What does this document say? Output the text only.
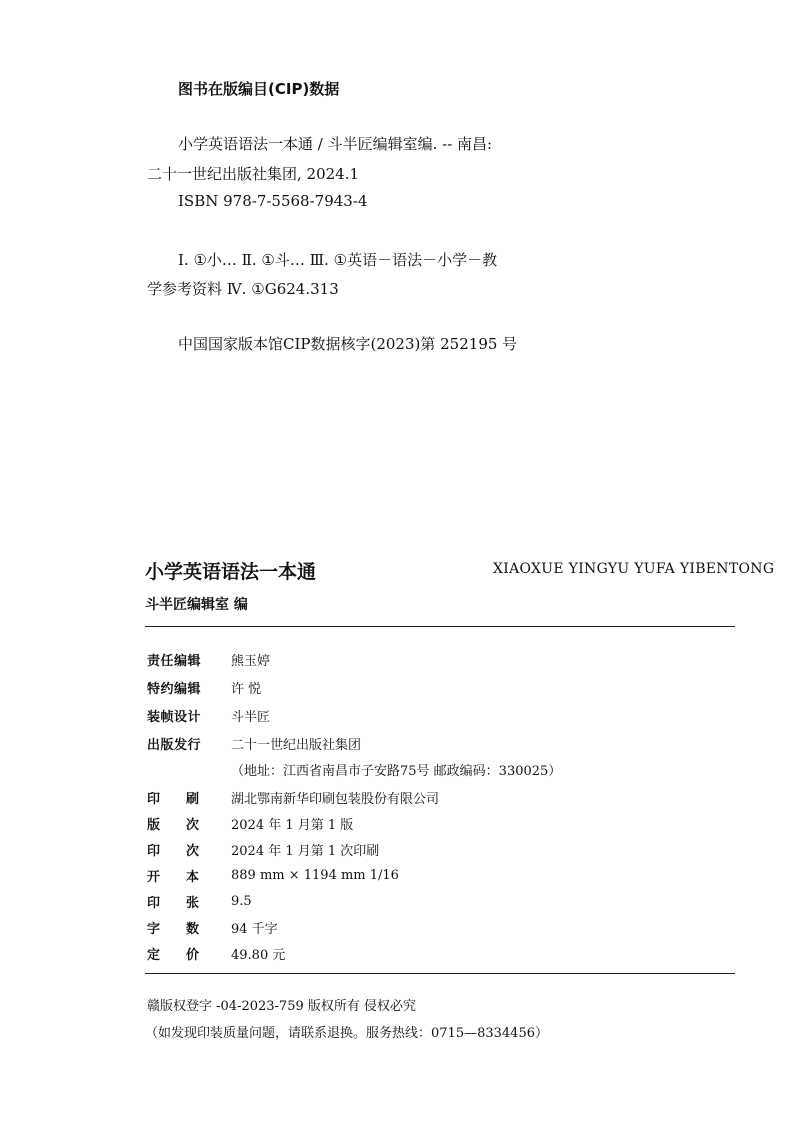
图书在版编目(CIP)数据
小学英语语法一本通 / 斗半匠编辑室编. -- 南昌:
二十一世纪出版社集团, 2024.1
ISBN 978-7-5568-7943-4
Ⅰ. ①小… Ⅱ. ①斗… Ⅲ. ①英语－语法－小学－教
学参考资料 Ⅳ. ①G624.313
中国国家版本馆CIP数据核字(2023)第 252195 号
小学英语语法一本通	XIAOXUE YINGYU YUFA YIBENTONG
斗半匠编辑室 编
责任编辑	熊玉婷
特约编辑	许 悦
装帧设计	斗半匠
出版发行	二十一世纪出版社集团
（地址：江西省南昌市子安路75号 邮政编码：330025）
印刷 湖北鄂南新华印刷包装股份有限公司
版次 2024 年 1 月第 1 版
印次 2024 年 1 月第 1 次印刷
开本 889 mm × 1194 mm 1/16
印张 9.5
字数 94 千字
定价 49.80 元
赣版权登字 -04-2023-759 版权所有 侵权必究
（如发现印装质量问题，请联系退换。服务热线：0715—8334456）
